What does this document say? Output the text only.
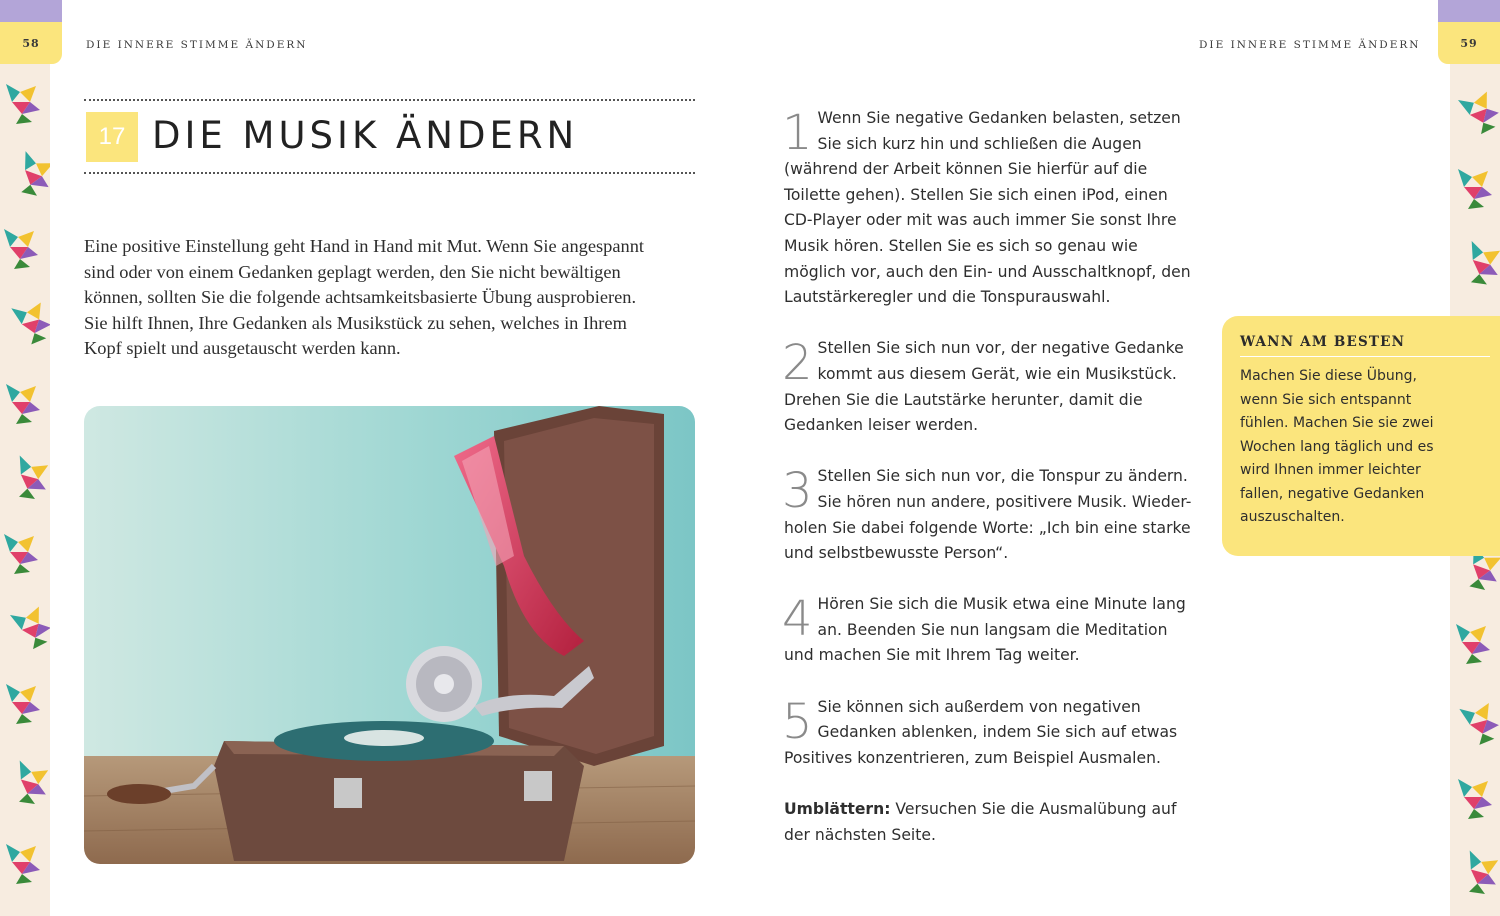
58	59
DIE INNERE STIMME ÄNDERN	DIE INNERE STIMME ÄNDERN
17 DIE MUSIK ÄNDERN

Eine positive Einstellung geht Hand in Hand mit Mut. Wenn Sie angespannt sind oder von einem Gedanken geplagt werden, den Sie nicht bewältigen können, sollten Sie die folgende achtsamkeitsbasierte Übung ausprobieren. Sie hilft Ihnen, Ihre Gedanken als Musikstück zu sehen, welches in Ihrem Kopf spielt und ausgetauscht werden kann.

1 Wenn Sie negative Gedanken belasten, setzen Sie sich kurz hin und schließen die Augen (während der Arbeit können Sie hierfür auf die Toilette gehen). Stellen Sie sich einen iPod, einen CD-Player oder mit was auch immer Sie sonst Ihre Musik hören. Stellen Sie es sich so genau wie möglich vor, auch den Ein- und Ausschaltknopf, den Lautstärkeregler und die Tonspurauswahl.
2 Stellen Sie sich nun vor, der negative Gedanke kommt aus diesem Gerät, wie ein Musikstück. Drehen Sie die Lautstärke herunter, damit die Gedanken leiser werden.
3 Stellen Sie sich nun vor, die Tonspur zu ändern. Sie hören nun andere, positivere Musik. Wieder-holen Sie dabei folgende Worte: „Ich bin eine starke und selbstbewusste Person“.
4 Hören Sie sich die Musik etwa eine Minute lang an. Beenden Sie nun langsam die Meditation und machen Sie mit Ihrem Tag weiter.
5 Sie können sich außerdem von negativen Gedanken ablenken, indem Sie sich auf etwas Positives konzentrieren, zum Beispiel Ausmalen.

Umblättern: Versuchen Sie die Ausmalübung auf der nächsten Seite.

WANN AM BESTEN
Machen Sie diese Übung, wenn Sie sich entspannt fühlen. Machen Sie sie zwei Wochen lang täglich und es wird Ihnen immer leichter fallen, negative Gedanken auszuschalten.
